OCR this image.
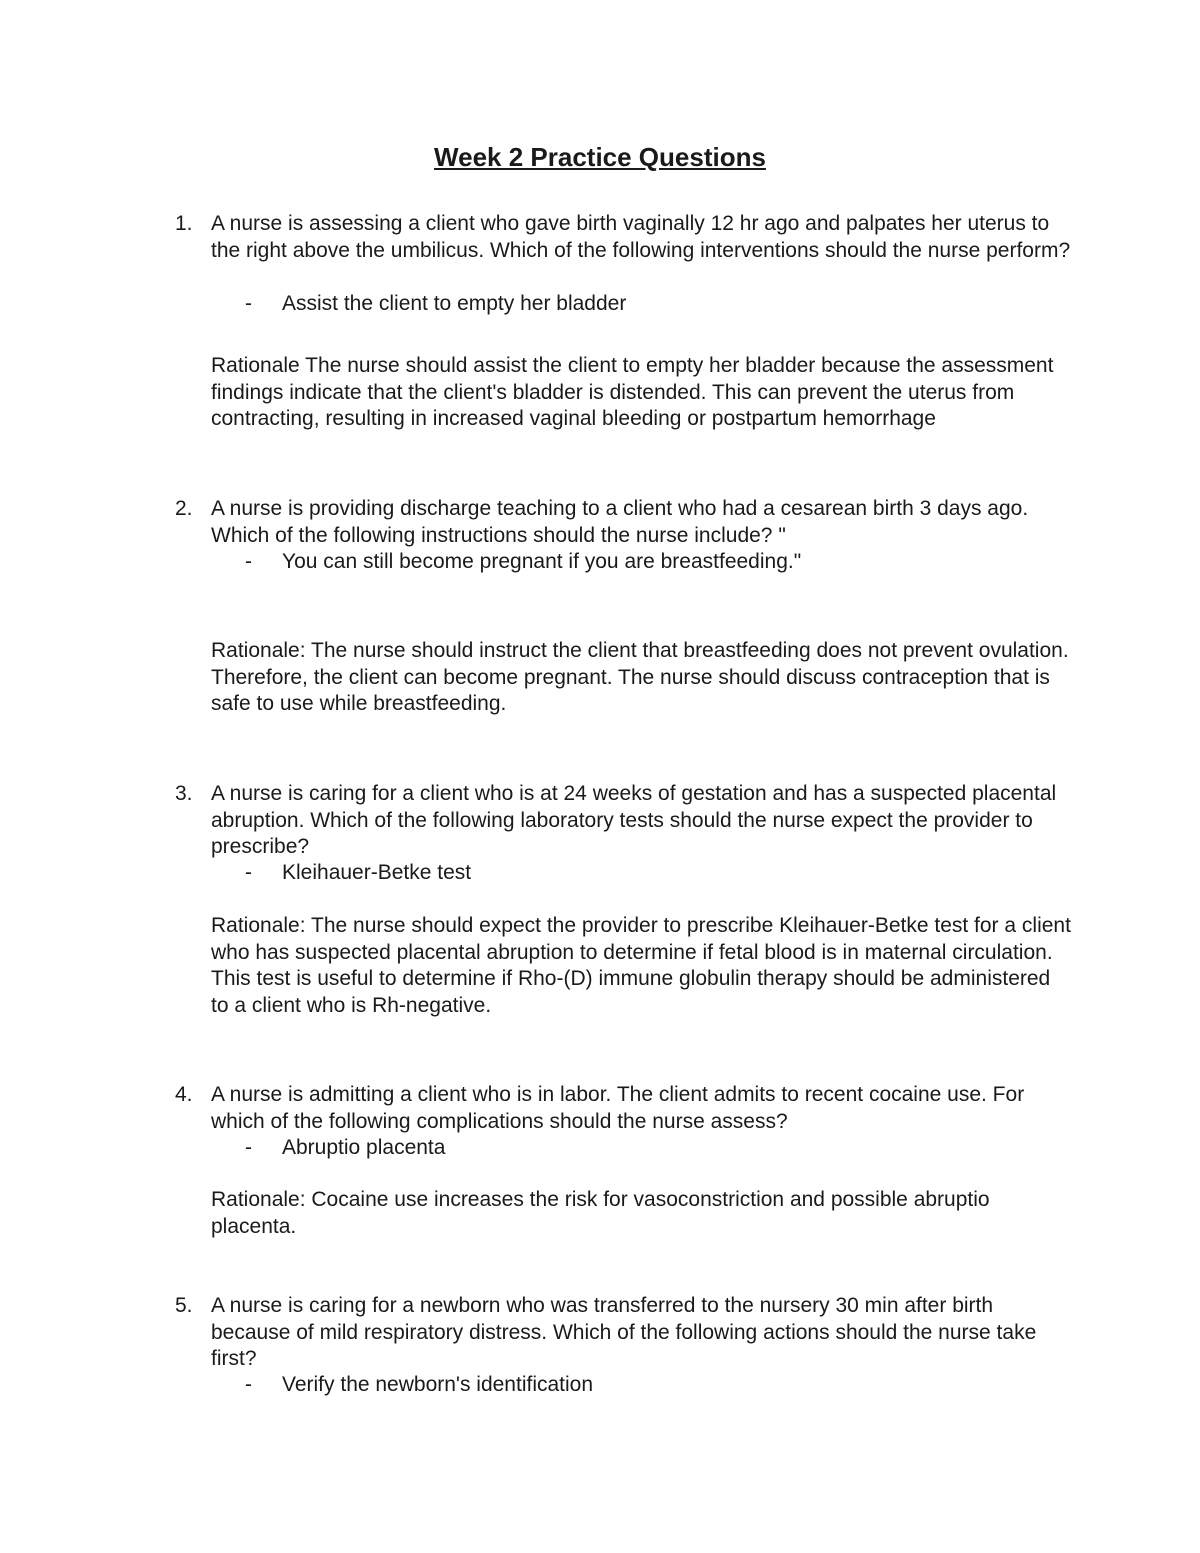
Week 2 Practice Questions
1. A nurse is assessing a client who gave birth vaginally 12 hr ago and palpates her uterus to the right above the umbilicus. Which of the following interventions should the nurse perform?
- Assist the client to empty her bladder
Rationale The nurse should assist the client to empty her bladder because the assessment findings indicate that the client's bladder is distended. This can prevent the uterus from contracting, resulting in increased vaginal bleeding or postpartum hemorrhage
2. A nurse is providing discharge teaching to a client who had a cesarean birth 3 days ago. Which of the following instructions should the nurse include? "
- You can still become pregnant if you are breastfeeding."
Rationale: The nurse should instruct the client that breastfeeding does not prevent ovulation. Therefore, the client can become pregnant. The nurse should discuss contraception that is safe to use while breastfeeding.
3. A nurse is caring for a client who is at 24 weeks of gestation and has a suspected placental abruption. Which of the following laboratory tests should the nurse expect the provider to prescribe?
- Kleihauer-Betke test
Rationale: The nurse should expect the provider to prescribe Kleihauer-Betke test for a client who has suspected placental abruption to determine if fetal blood is in maternal circulation. This test is useful to determine if Rho-(D) immune globulin therapy should be administered to a client who is Rh-negative.
4. A nurse is admitting a client who is in labor. The client admits to recent cocaine use. For which of the following complications should the nurse assess?
- Abruptio placenta
Rationale: Cocaine use increases the risk for vasoconstriction and possible abruptio placenta.
5. A nurse is caring for a newborn who was transferred to the nursery 30 min after birth because of mild respiratory distress. Which of the following actions should the nurse take first?
- Verify the newborn's identification
